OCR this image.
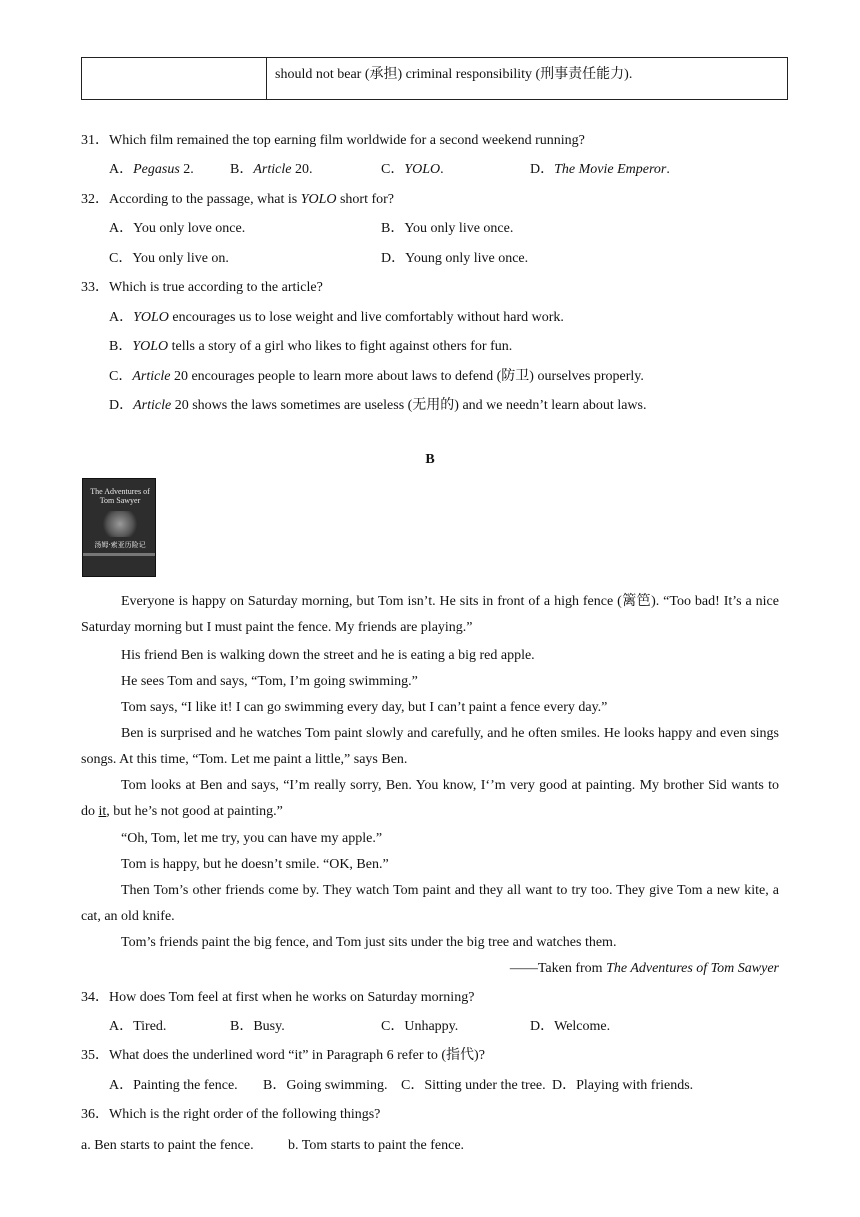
should not bear (承担) criminal responsibility (刑事责任能力).
31．Which film remained the top earning film worldwide for a second weekend running?
A．Pegasus 2.	B．Article 20.	C．YOLO.	D．The Movie Emperor.
32．According to the passage, what is YOLO short for?
A．You only love once.	B．You only live once.
C．You only live on.	D．Young only live once.
33．Which is true according to the article?
A．YOLO encourages us to lose weight and live comfortably without hard work.
B．YOLO tells a story of a girl who likes to fight against others for fun.
C．Article 20 encourages people to learn more about laws to defend (防卫) ourselves properly.
D．Article 20 shows the laws sometimes are useless (无用的) and we needn’t learn about laws.
B
The Adventures of Tom Sawyer
汤姆·索亚历险记

Everyone is happy on Saturday morning, but Tom isn’t. He sits in front of a high fence (篱笆). “Too bad! It’s a nice Saturday morning but I must paint the fence. My friends are playing.”

His friend Ben is walking down the street and he is eating a big red apple.

He sees Tom and says, “Tom, I’m going swimming.”

Tom says, “I like it! I can go swimming every day, but I can’t paint a fence every day.”

Ben is surprised and he watches Tom paint slowly and carefully, and he often smiles. He looks happy and even sings songs. At this time, “Tom. Let me paint a little,” says Ben.

Tom looks at Ben and says, “I’m really sorry, Ben. You know, I‘’m very good at painting. My brother Sid wants to do it, but he’s not good at painting.”

“Oh, Tom, let me try, you can have my apple.”

Tom is happy, but he doesn’t smile. “OK, Ben.”

Then Tom’s other friends come by. They watch Tom paint and they all want to try too. They give Tom a new kite, a cat, an old knife.

Tom’s friends paint the big fence, and Tom just sits under the big tree and watches them.

——Taken from The Adventures of Tom Sawyer
34．How does Tom feel at first when he works on Saturday morning?
A．Tired.	B．Busy.	C．Unhappy.	D．Welcome.
35．What does the underlined word “it” in Paragraph 6 refer to (指代)?
A．Painting the fence. B．Going swimming. C．Sitting under the tree. D．Playing with friends.
36．Which is the right order of the following things?
a. Ben starts to paint the fence. b. Tom starts to paint the fence.
